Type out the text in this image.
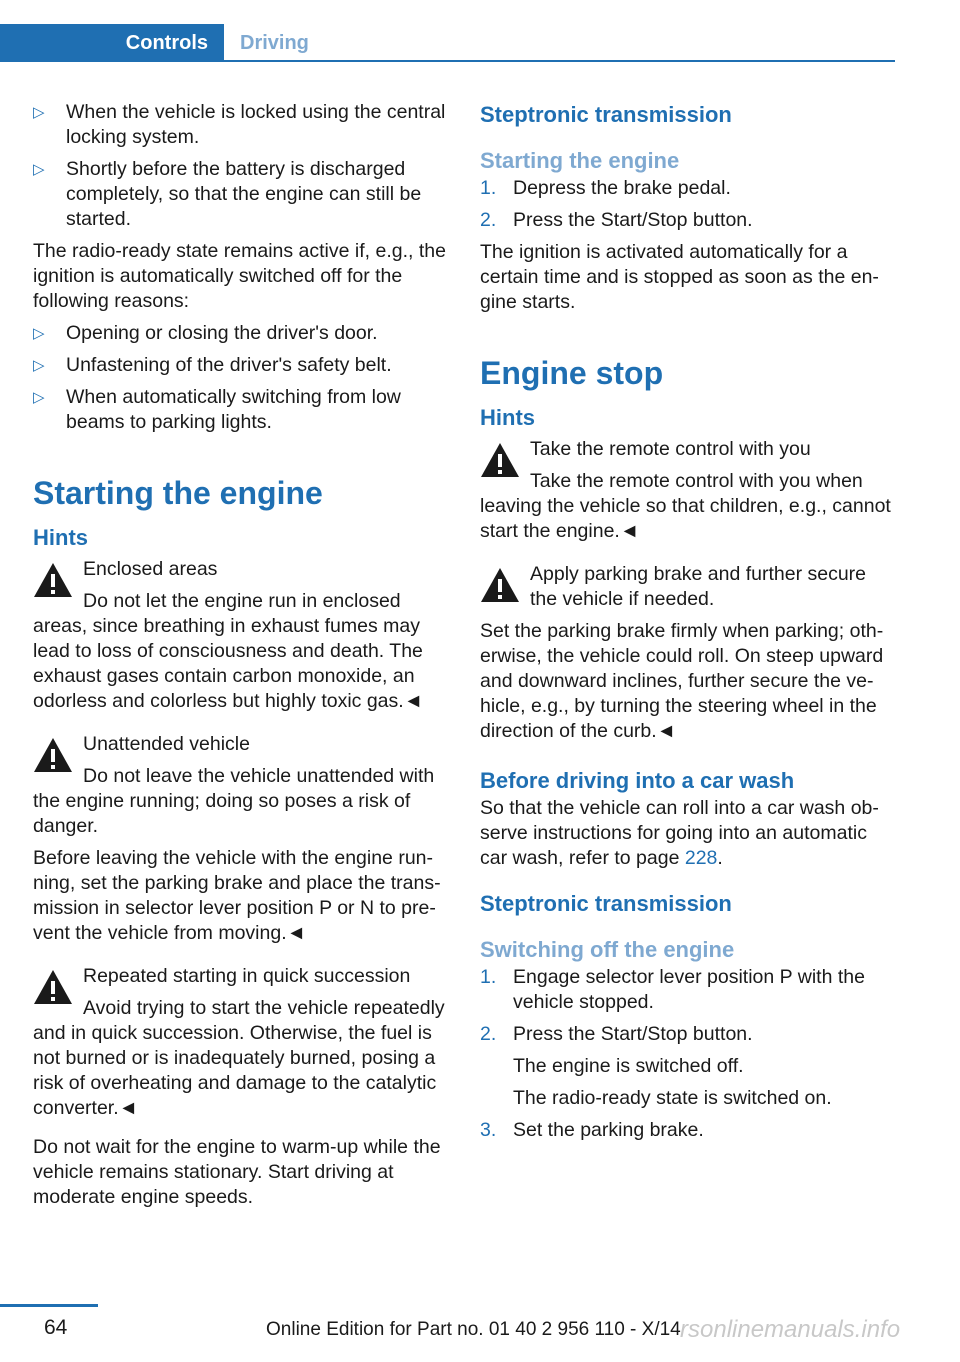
Controls	Driving
▷ When the vehicle is locked using the central locking system.
▷ Shortly before the battery is discharged completely, so that the engine can still be started.

The radio-ready state remains active if, e.g., the ignition is automatically switched off for the following reasons:

▷ Opening or closing the driver's door.
▷ Unfastening of the driver's safety belt.
▷ When automatically switching from low beams to parking lights.
Starting the engine
Hints
Enclosed areas

Do not let the engine run in enclosed areas, since breathing in exhaust fumes may lead to loss of consciousness and death. The exhaust gases contain carbon monoxide, an odorless and colorless but highly toxic gas.◄

Unattended vehicle

Do not leave the vehicle unattended with the engine running; doing so poses a risk of danger.

Before leaving the vehicle with the engine running, set the parking brake and place the transmission in selector lever position P or N to prevent the vehicle from moving.◄

Repeated starting in quick succession

Avoid trying to start the vehicle repeatedly and in quick succession. Otherwise, the fuel is not burned or is inadequately burned, posing a risk of overheating and damage to the catalytic converter.◄

Do not wait for the engine to warm-up while the vehicle remains stationary. Start driving at moderate engine speeds.

Steptronic transmission
Starting the engine
1. Depress the brake pedal.
2. Press the Start/Stop button.

The ignition is activated automatically for a certain time and is stopped as soon as the engine starts.

Engine stop
Hints
Take the remote control with you

Take the remote control with you when leaving the vehicle so that children, e.g., cannot start the engine.◄

Apply parking brake and further secure the vehicle if needed.

Set the parking brake firmly when parking; otherwise, the vehicle could roll. On steep upward and downward inclines, further secure the vehicle, e.g., by turning the steering wheel in the direction of the curb.◄

Before driving into a car wash

So that the vehicle can roll into a car wash observe instructions for going into an automatic car wash, refer to page 228.

Steptronic transmission
Switching off the engine
1. Engage selector lever position P with the vehicle stopped.
2. Press the Start/Stop button.
The engine is switched off.
The radio-ready state is switched on.
3. Set the parking brake.
64	Online Edition for Part no. 01 40 2 956 110 - X/14 rsonlinemanuals.info
